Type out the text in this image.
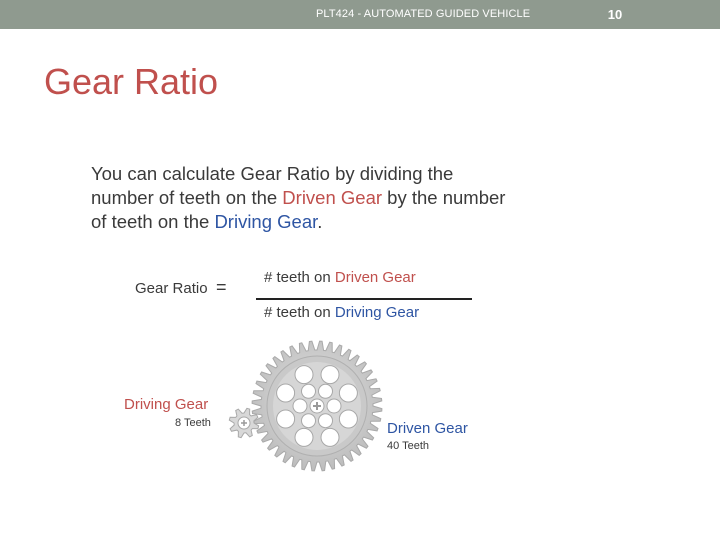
PLT424 - AUTOMATED GUIDED VEHICLE	10
Gear Ratio
You can calculate Gear Ratio by dividing the number of teeth on the Driven Gear by the number of teeth on the Driving Gear.
Gear Ratio = # teeth on Driven Gear
# teeth on Driving Gear
Driving Gear
8 Teeth	Driven Gear
40 Teeth
